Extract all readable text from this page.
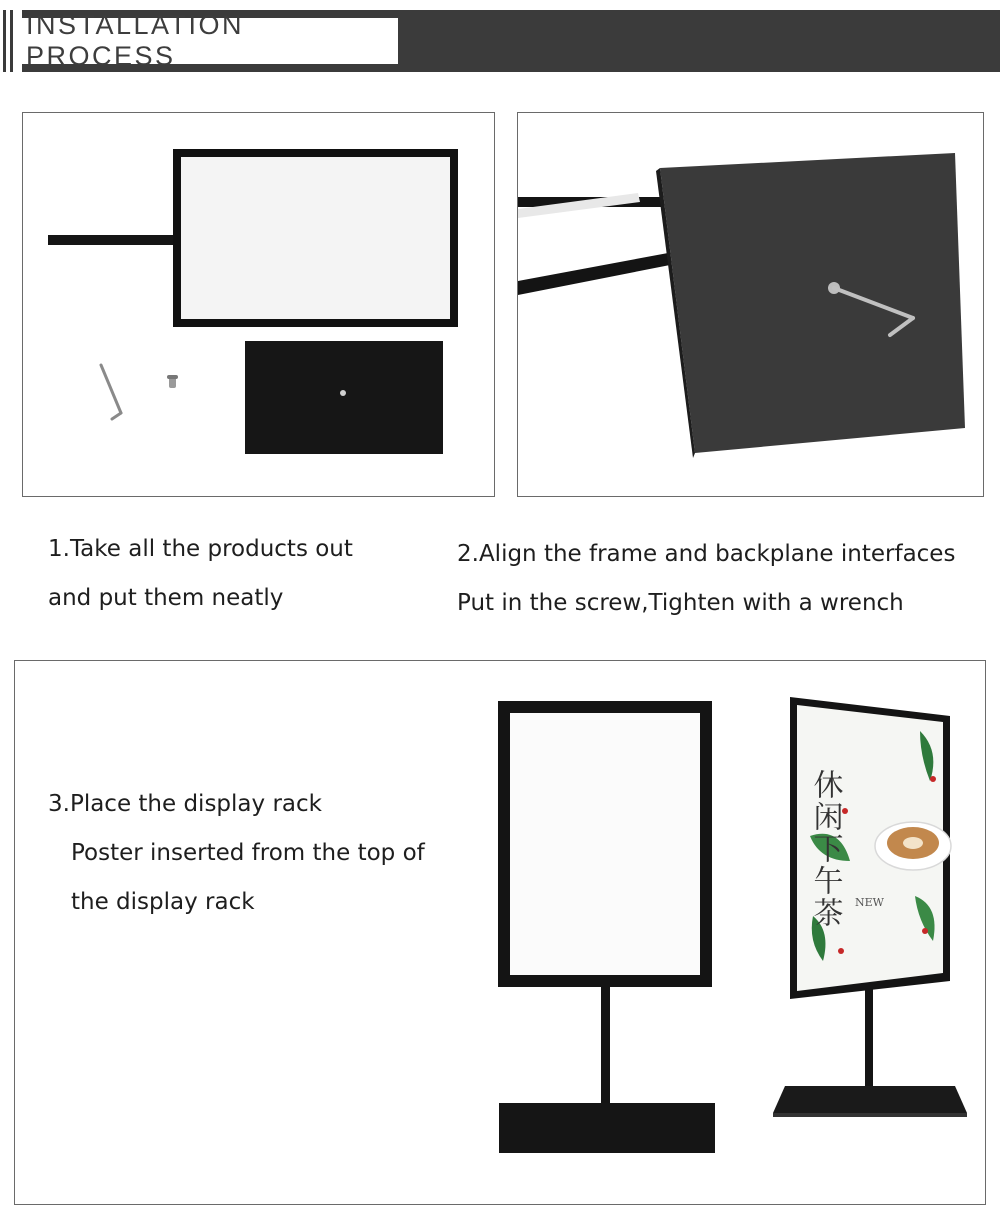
INSTALLATION PROCESS
1.Take all the products out
and put them neatly
2.Align the frame and backplane interfaces
Put in the screw,Tighten with a wrench
休闲下午茶 NEW
3.Place the display rack
Poster inserted from the top of
the display rack
